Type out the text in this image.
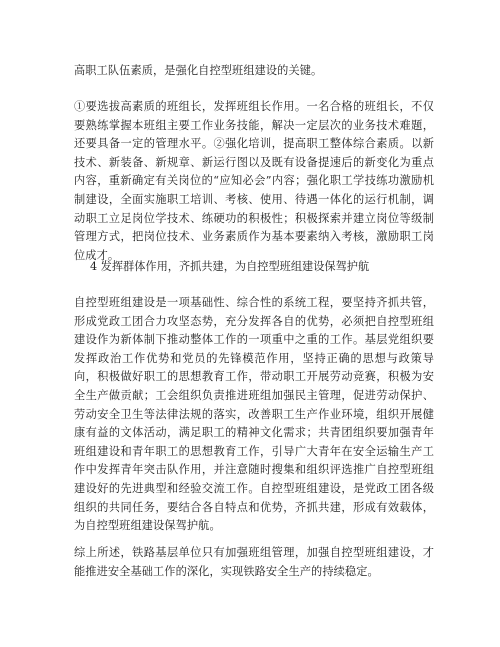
高职工队伍素质，是强化自控型班组建设的关键。

①要选拔高素质的班组长，发挥班组长作用。一名合格的班组长，不仅要熟练掌握本班组主要工作业务技能，解决一定层次的业务技术难题，还要具备一定的管理水平。②强化培训，提高职工整体综合素质。以新技术、新装备、新规章、新运行图以及既有设备提速后的新变化为重点内容，重新确定有关岗位的“应知必会”内容；强化职工学技练功激励机制建设，全面实施职工培训、考核、使用、待遇一体化的运行机制，调动职工立足岗位学技术、练硬功的积极性；积极探索并建立岗位等级制管理方式，把岗位技术、业务素质作为基本要素纳入考核，激励职工岗位成才。

4 发挥群体作用，齐抓共建，为自控型班组建设保驾护航

自控型班组建设是一项基础性、综合性的系统工程，要坚持齐抓共管，形成党政工团合力攻坚态势，充分发挥各自的优势，必须把自控型班组建设作为新体制下推动整体工作的一项重中之重的工作。基层党组织要发挥政治工作优势和党员的先锋模范作用，坚持正确的思想与政策导向，积极做好职工的思想教育工作，带动职工开展劳动竞赛，积极为安全生产做贡献；工会组织负责推进班组加强民主管理，促进劳动保护、劳动安全卫生等法律法规的落实，改善职工生产作业环境，组织开展健康有益的文体活动，满足职工的精神文化需求；共青团组织要加强青年班组建设和青年职工的思想教育工作，引导广大青年在安全运输生产工作中发挥青年突击队作用，并注意随时搜集和组织评选推广自控型班组建设好的先进典型和经验交流工作。自控型班组建设，是党政工团各级组织的共同任务，要结合各自特点和优势，齐抓共建，形成有效载体，为自控型班组建设保驾护航。

综上所述，铁路基层单位只有加强班组管理，加强自控型班组建设，才能推进安全基础工作的深化，实现铁路安全生产的持续稳定。
